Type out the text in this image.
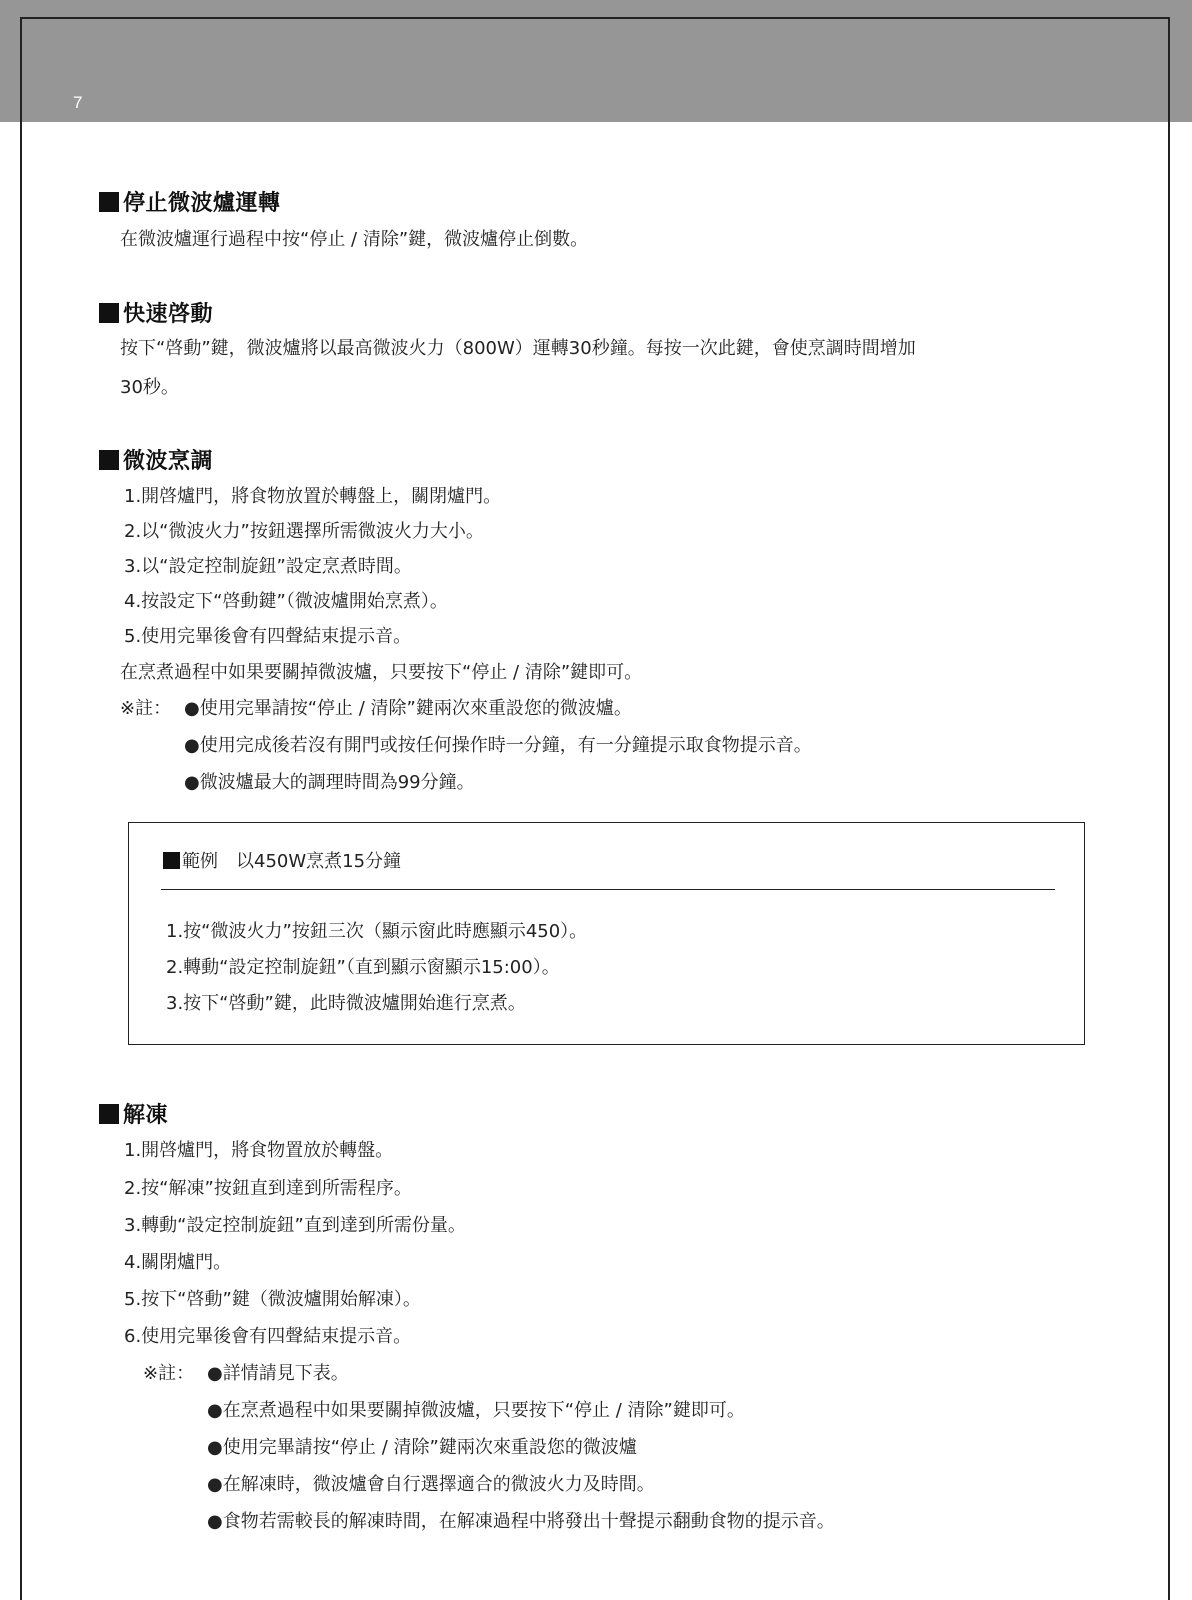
7
停止微波爐運轉
在微波爐運行過程中按“停止 / 清除”鍵，微波爐停止倒數。
快速啓動
按下“啓動”鍵，微波爐將以最高微波火力（800W）運轉30秒鐘。每按一次此鍵，會使烹調時間增加
30秒。
微波烹調
1.開啓爐門，將食物放置於轉盤上，關閉爐門。
2.以“微波火力”按鈕選擇所需微波火力大小。
3.以“設定控制旋鈕”設定烹煮時間。
4.按設定下“啓動鍵”（微波爐開始烹煮）。
5.使用完畢後會有四聲結束提示音。
在烹煮過程中如果要關掉微波爐，只要按下“停止 / 清除”鍵即可。
※註： ●使用完畢請按“停止 / 清除”鍵兩次來重設您的微波爐。
●使用完成後若沒有開門或按任何操作時一分鐘，有一分鐘提示取食物提示音。
●微波爐最大的調理時間為99分鐘。
範例　以450W烹煮15分鐘
1.按“微波火力”按鈕三次（顯示窗此時應顯示450）。
2.轉動“設定控制旋鈕”（直到顯示窗顯示15:00）。
3.按下“啓動”鍵，此時微波爐開始進行烹煮。
解凍
1.開啓爐門，將食物置放於轉盤。
2.按“解凍”按鈕直到達到所需程序。
3.轉動“設定控制旋鈕”直到達到所需份量。
4.關閉爐門。
5.按下“啓動”鍵（微波爐開始解凍）。
6.使用完畢後會有四聲結束提示音。
※註： ●詳情請見下表。
●在烹煮過程中如果要關掉微波爐，只要按下“停止 / 清除”鍵即可。
●使用完畢請按“停止 / 清除”鍵兩次來重設您的微波爐
●在解凍時，微波爐會自行選擇適合的微波火力及時間。
●食物若需較長的解凍時間，在解凍過程中將發出十聲提示翻動食物的提示音。
